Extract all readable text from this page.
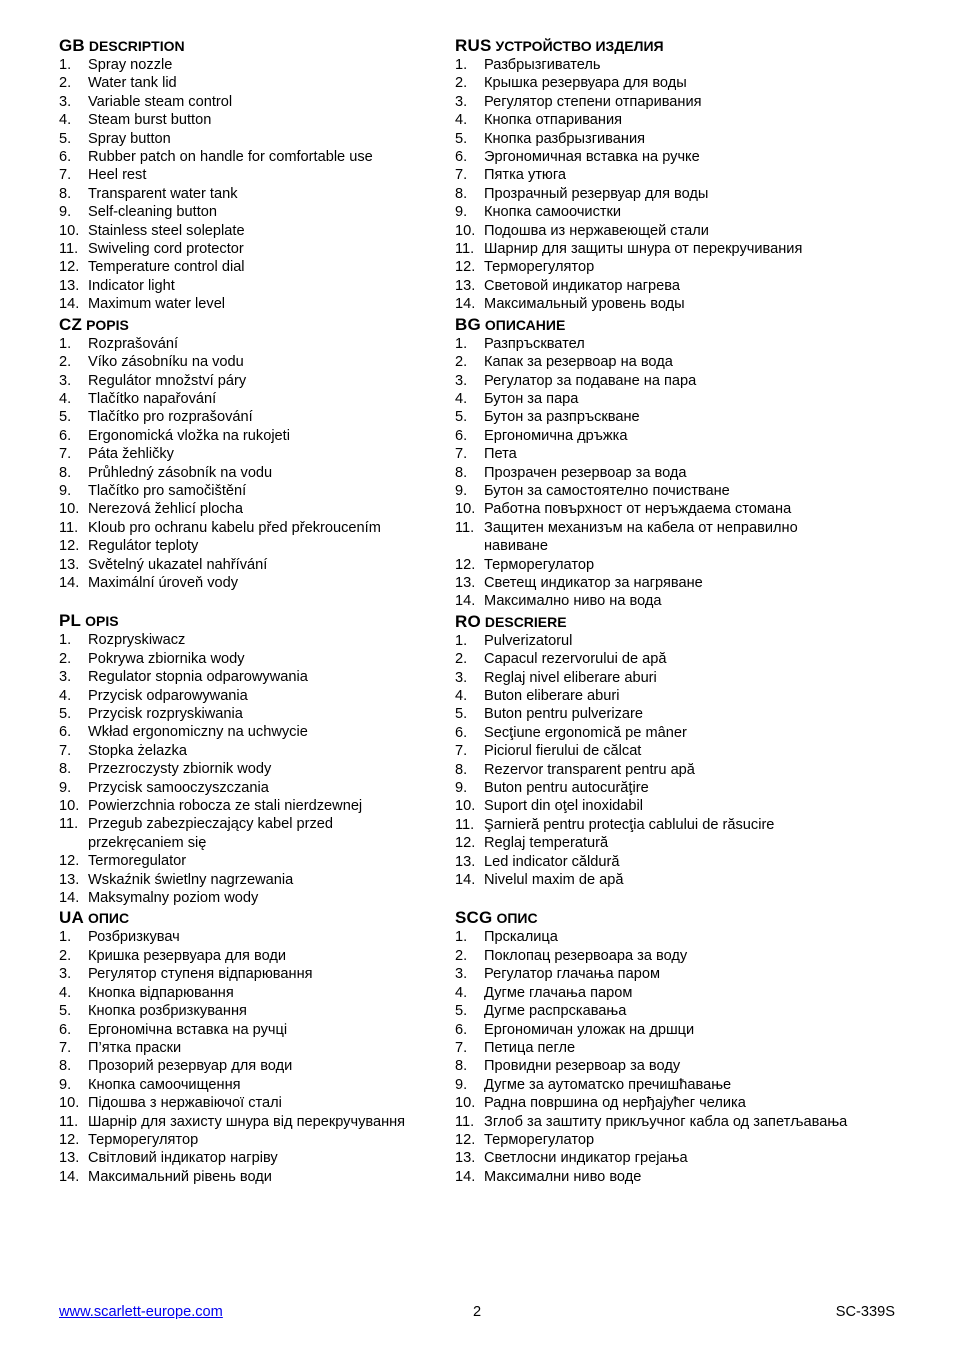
GB DESCRIPTION
1. Spray nozzle
2. Water tank lid
3. Variable steam control
4. Steam burst button
5. Spray button
6. Rubber patch on handle for comfortable use
7. Heel rest
8. Transparent water tank
9. Self-cleaning button
10. Stainless steel soleplate
11. Swiveling cord protector
12. Temperature control dial
13. Indicator light
14. Maximum water level
CZ POPIS
1. Rozprašování
2. Víko zásobníku na vodu
3. Regulátor množství páry
4. Tlačítko napařování
5. Tlačítko pro rozprašování
6. Ergonomická vložka na rukojeti
7. Páta žehličky
8. Průhledný zásobník na vodu
9. Tlačítko pro samočištění
10. Nerezová žehlicí plocha
11. Kloub pro ochranu kabelu před překroucením
12. Regulátor teploty
13. Světelný ukazatel nahřívání
14. Maximální úroveň vody
PL OPIS
1. Rozpryskiwacz
2. Pokrywa zbiornika wody
3. Regulator stopnia odparowywania
4. Przycisk odparowywania
5. Przycisk rozpryskiwania
6. Wkład ergonomiczny na uchwycie
7. Stopka żelazka
8. Przezroczysty zbiornik wody
9. Przycisk samooczyszczania
10. Powierzchnia robocza ze stali nierdzewnej
11. Przegub zabezpieczający kabel przed
przekręcaniem się
12. Termoregulator
13. Wskaźnik świetlny nagrzewania
14. Maksymalny poziom wody
UA ОПИС
1. Розбризкувач
2. Кришка резервуара для води
3. Регулятор ступеня відпарювання
4. Кнопка відпарювання
5. Кнопка розбризкування
6. Ергономічна вставка на ручці
7. П’ятка праски
8. Прозорий резервуар для води
9. Кнопка самоочищення
10. Підошва з нержавіючої сталі
11. Шарнір для захисту шнура від перекручування
12. Терморегулятор
13. Світловий індикатор нагріву
14. Максимальний рівень води
RUS УСТРОЙСТВО ИЗДЕЛИЯ
1. Разбрызгиватель
2. Крышка резервуара для воды
3. Регулятор степени отпаривания
4. Кнопка отпаривания
5. Кнопка разбрызгивания
6. Эргономичная вставка на ручке
7. Пятка утюга
8. Прозрачный резервуар для воды
9. Кнопка самоочистки
10. Подошва из нержавеющей стали
11. Шарнир для защиты шнура от перекручивания
12. Терморегулятор
13. Световой индикатор нагрева
14. Максимальный уровень воды
BG ОПИСАНИЕ
1. Разпръсквател
2. Капак за резервоар на вода
3. Регулатор за подаване на пара
4. Бутон за пара
5. Бутон за разпръскване
6. Ергономична дръжка
7. Пета
8. Прозрачен резервоар за вода
9. Бутон за самостоятелно почистване
10. Работна повърхност от неръждаема стомана
11. Защитен механизъм на кабела от неправилно
навиване
12. Терморегулатор
13. Светещ индикатор за нагряване
14. Максимално ниво на вода
RO DESCRIERE
1. Pulverizatorul
2. Capacul rezervorului de apă
3. Reglaj nivel eliberare aburi
4. Buton eliberare aburi
5. Buton pentru pulverizare
6. Secţiune ergonomică pe mâner
7. Piciorul fierului de călcat
8. Rezervor transparent pentru apă
9. Buton pentru autocurăţire
10. Suport din oţel inoxidabil
11. Şarnieră pentru protecţia cablului de răsucire
12. Reglaj temperatură
13. Led indicator căldură
14. Nivelul maxim de apă
SCG ОПИС
1. Прскалица
2. Поклопац резервоара за воду
3. Регулатор глачања паром
4. Дугме глачања паром
5. Дугме распрскавања
6. Ергономичан уложак на дршци
7. Петица пегле
8. Провидни резервоар за воду
9. Дугме за аутоматско пречишћавање
10. Радна површина од нерђајућег челика
11. Зглоб за заштиту прикључног кабла од запетљавања
12. Терморегулатор
13. Светлосни индикатор грејања
14. Максимални ниво воде
www.scarlett-europe.com	2	SC-339S
